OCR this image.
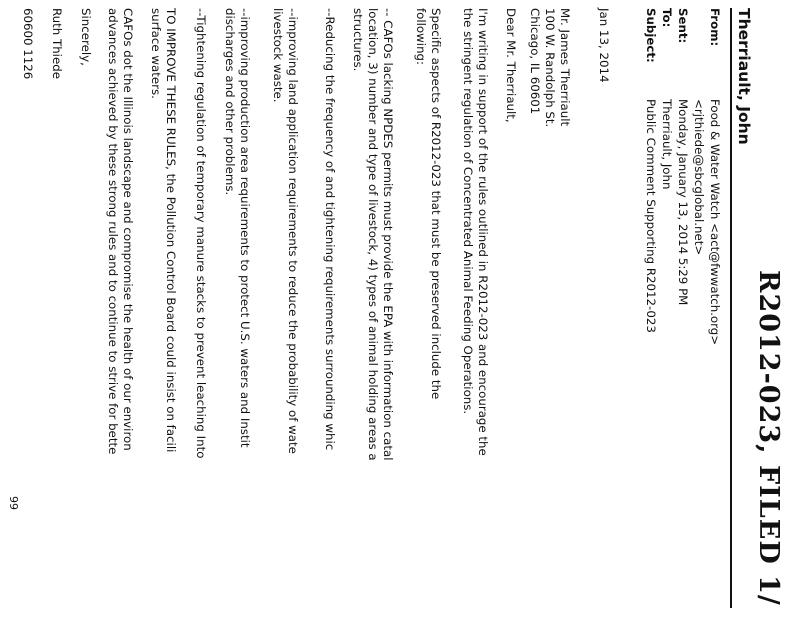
R2012-023, FILED 1/
Therriault, John
From:Food & Water Watch <act@fwwatch.org>
<rjthiede@sbcglobal.net>
Sent:Monday, January 13, 2014 5:29 PM
To:Therriault, John
Subject:Public Comment Supporting R2012-023
Jan 13, 2014
Mr. James Therriault
100 W. Randolph St.
Chicago, IL 60601
Dear Mr. Therriault,
I'm writing in support of the rules outlined in R2012-023 and encourage the
the stringent regulation of Concentrated Animal Feeding Operations.
Specific aspects of R2012-023 that must be preserved include the
following:
-- CAFOs lacking NPDES permits must provide the EPA with information catal
location, 3) number and type of livestock, 4) types of animal holding areas a
structures.
--Reducing the frequency of and tightening requirements surrounding whic
--improving land application requirements to reduce the probability of wate
livestock waste.
--improving production area requirements to protect U.S. waters and Instit
discharges and other problems.
--Tightening regulation of temporary manure stacks to prevent leaching Into
TO IMPROVE THESE RULES, the Pollution Control Board could insist on facili
surface waters.
CAFOs dot the Illinois landscape and compromise the health of our environ
advances achieved by these strong rules and to continue to strive for bette
Sincerely,
Ruth Thiede
60600 1126
99
